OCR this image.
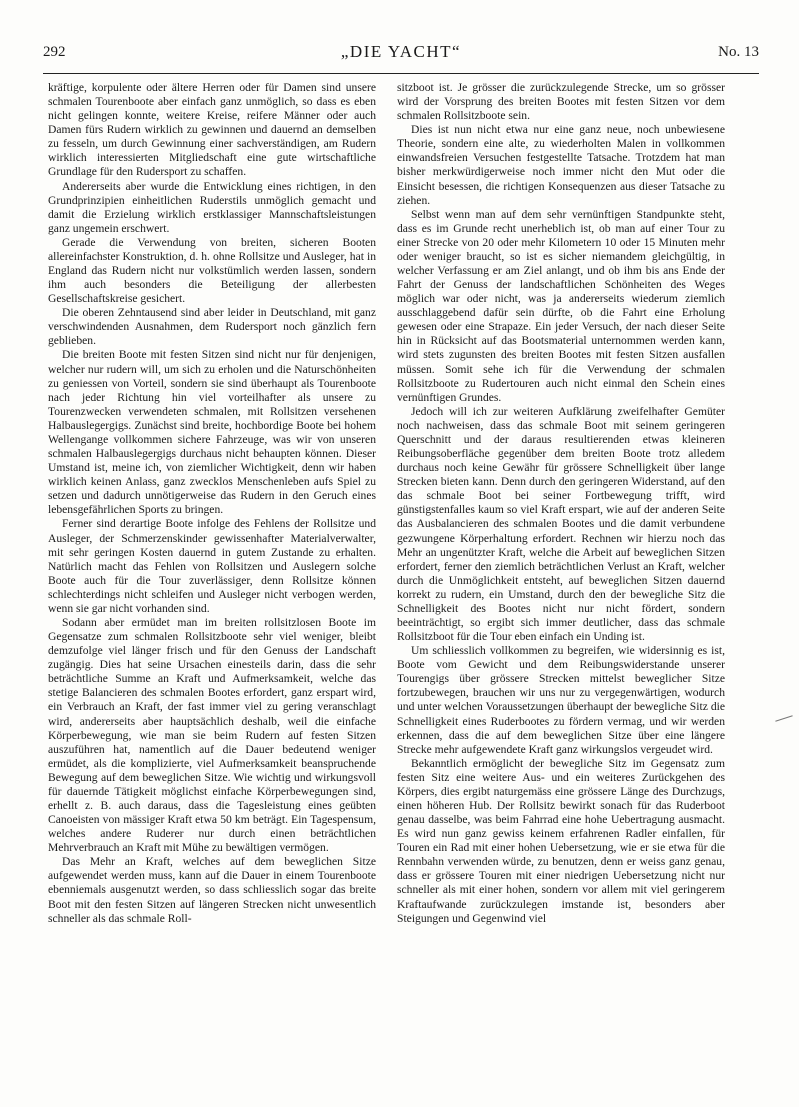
292	„DIE YACHT“	No. 13

kräftige, korpulente oder ältere Herren oder für Damen sind unsere schmalen Tourenboote aber einfach ganz unmöglich, so dass es eben nicht gelingen konnte, weitere Kreise, reifere Männer oder auch Damen fürs Rudern wirklich zu gewinnen und dauernd an demselben zu fesseln, um durch Gewinnung einer sachverständigen, am Rudern wirklich interessierten Mitgliedschaft eine gute wirtschaftliche Grundlage für den Rudersport zu schaffen.

Andererseits aber wurde die Entwicklung eines richtigen, in den Grundprinzipien einheitlichen Ruderstils unmöglich gemacht und damit die Erzielung wirklich erstklassiger Mannschaftsleistungen ganz ungemein erschwert.

Gerade die Verwendung von breiten, sicheren Booten allereinfachster Konstruktion, d. h. ohne Rollsitze und Ausleger, hat in England das Rudern nicht nur volkstümlich werden lassen, sondern ihm auch besonders die Beteiligung der allerbesten Gesellschaftskreise gesichert.

Die oberen Zehntausend sind aber leider in Deutschland, mit ganz verschwindenden Ausnahmen, dem Rudersport noch gänzlich fern geblieben.

Die breiten Boote mit festen Sitzen sind nicht nur für denjenigen, welcher nur rudern will, um sich zu erholen und die Naturschönheiten zu geniessen von Vorteil, sondern sie sind überhaupt als Tourenboote nach jeder Richtung hin viel vorteilhafter als unsere zu Tourenzwecken verwendeten schmalen, mit Rollsitzen versehenen Halbauslegergigs. Zunächst sind breite, hochbordige Boote bei hohem Wellengange vollkommen sichere Fahrzeuge, was wir von unseren schmalen Halbauslegergigs durchaus nicht behaupten können. Dieser Umstand ist, meine ich, von ziemlicher Wichtigkeit, denn wir haben wirklich keinen Anlass, ganz zwecklos Menschenleben aufs Spiel zu setzen und dadurch unnötigerweise das Rudern in den Geruch eines lebensgefährlichen Sports zu bringen.

Ferner sind derartige Boote infolge des Fehlens der Rollsitze und Ausleger, der Schmerzenskinder gewissenhafter Materialverwalter, mit sehr geringen Kosten dauernd in gutem Zustande zu erhalten. Natürlich macht das Fehlen von Rollsitzen und Auslegern solche Boote auch für die Tour zuverlässiger, denn Rollsitze können schlechterdings nicht schleifen und Ausleger nicht verbogen werden, wenn sie gar nicht vorhanden sind.

Sodann aber ermüdet man im breiten rollsitzlosen Boote im Gegensatze zum schmalen Rollsitzboote sehr viel weniger, bleibt demzufolge viel länger frisch und für den Genuss der Landschaft zugängig. Dies hat seine Ursachen einesteils darin, dass die sehr beträchtliche Summe an Kraft und Aufmerksamkeit, welche das stetige Balancieren des schmalen Bootes erfordert, ganz erspart wird, ein Verbrauch an Kraft, der fast immer viel zu gering veranschlagt wird, andererseits aber hauptsächlich deshalb, weil die einfache Körperbewegung, wie man sie beim Rudern auf festen Sitzen auszuführen hat, namentlich auf die Dauer bedeutend weniger ermüdet, als die komplizierte, viel Aufmerksamkeit beanspruchende Bewegung auf dem beweglichen Sitze. Wie wichtig und wirkungsvoll für dauernde Tätigkeit möglichst einfache Körperbewegungen sind, erhellt z. B. auch daraus, dass die Tagesleistung eines geübten Canoeisten von mässiger Kraft etwa 50 km beträgt. Ein Tagespensum, welches andere Ruderer nur durch einen beträchtlichen Mehrverbrauch an Kraft mit Mühe zu bewältigen vermögen.

Das Mehr an Kraft, welches auf dem beweglichen Sitze aufgewendet werden muss, kann auf die Dauer in einem Tourenboote ebenniemals ausgenutzt werden, so dass schliesslich sogar das breite Boot mit den festen Sitzen auf längeren Strecken nicht unwesentlich schneller als das schmale Roll-

sitzboot ist. Je grösser die zurückzulegende Strecke, um so grösser wird der Vorsprung des breiten Bootes mit festen Sitzen vor dem schmalen Rollsitzboote sein.

Dies ist nun nicht etwa nur eine ganz neue, noch unbewiesene Theorie, sondern eine alte, zu wiederholten Malen in vollkommen einwandsfreien Versuchen festgestellte Tatsache. Trotzdem hat man bisher merkwürdigerweise noch immer nicht den Mut oder die Einsicht besessen, die richtigen Konsequenzen aus dieser Tatsache zu ziehen.

Selbst wenn man auf dem sehr vernünftigen Standpunkte steht, dass es im Grunde recht unerheblich ist, ob man auf einer Tour zu einer Strecke von 20 oder mehr Kilometern 10 oder 15 Minuten mehr oder weniger braucht, so ist es sicher niemandem gleichgültig, in welcher Verfassung er am Ziel anlangt, und ob ihm bis ans Ende der Fahrt der Genuss der landschaftlichen Schönheiten des Weges möglich war oder nicht, was ja andererseits wiederum ziemlich ausschlaggebend dafür sein dürfte, ob die Fahrt eine Erholung gewesen oder eine Strapaze. Ein jeder Versuch, der nach dieser Seite hin in Rücksicht auf das Bootsmaterial unternommen werden kann, wird stets zugunsten des breiten Bootes mit festen Sitzen ausfallen müssen. Somit sehe ich für die Verwendung der schmalen Rollsitzboote zu Rudertouren auch nicht einmal den Schein eines vernünftigen Grundes.

Jedoch will ich zur weiteren Aufklärung zweifelhafter Gemüter noch nachweisen, dass das schmale Boot mit seinem geringeren Querschnitt und der daraus resultierenden etwas kleineren Reibungsoberfläche gegenüber dem breiten Boote trotz alledem durchaus noch keine Gewähr für grössere Schnelligkeit über lange Strecken bieten kann. Denn durch den geringeren Widerstand, auf den das schmale Boot bei seiner Fortbewegung trifft, wird günstigstenfalles kaum so viel Kraft erspart, wie auf der anderen Seite das Ausbalancieren des schmalen Bootes und die damit verbundene gezwungene Körperhaltung erfordert. Rechnen wir hierzu noch das Mehr an ungenützter Kraft, welche die Arbeit auf beweglichen Sitzen erfordert, ferner den ziemlich beträchtlichen Verlust an Kraft, welcher durch die Unmöglichkeit entsteht, auf beweglichen Sitzen dauernd korrekt zu rudern, ein Umstand, durch den der bewegliche Sitz die Schnelligkeit des Bootes nicht nur nicht fördert, sondern beeinträchtigt, so ergibt sich immer deutlicher, dass das schmale Rollsitzboot für die Tour eben einfach ein Unding ist.

Um schliesslich vollkommen zu begreifen, wie widersinnig es ist, Boote vom Gewicht und dem Reibungswiderstande unserer Tourengigs über grössere Strecken mittelst beweglicher Sitze fortzubewegen, brauchen wir uns nur zu vergegenwärtigen, wodurch und unter welchen Voraussetzungen überhaupt der bewegliche Sitz die Schnelligkeit eines Ruderbootes zu fördern vermag, und wir werden erkennen, dass die auf dem beweglichen Sitze über eine längere Strecke mehr aufgewendete Kraft ganz wirkungslos vergeudet wird.

Bekanntlich ermöglicht der bewegliche Sitz im Gegensatz zum festen Sitz eine weitere Aus- und ein weiteres Zurückgehen des Körpers, dies ergibt naturgemäss eine grössere Länge des Durchzugs, einen höheren Hub. Der Rollsitz bewirkt sonach für das Ruderboot genau dasselbe, was beim Fahrrad eine hohe Uebertragung ausmacht. Es wird nun ganz gewiss keinem erfahrenen Radler einfallen, für Touren ein Rad mit einer hohen Uebersetzung, wie er sie etwa für die Rennbahn verwenden würde, zu benutzen, denn er weiss ganz genau, dass er grössere Touren mit einer niedrigen Uebersetzung nicht nur schneller als mit einer hohen, sondern vor allem mit viel geringerem Kraftaufwande zurückzulegen imstande ist, besonders aber Steigungen und Gegenwind viel
